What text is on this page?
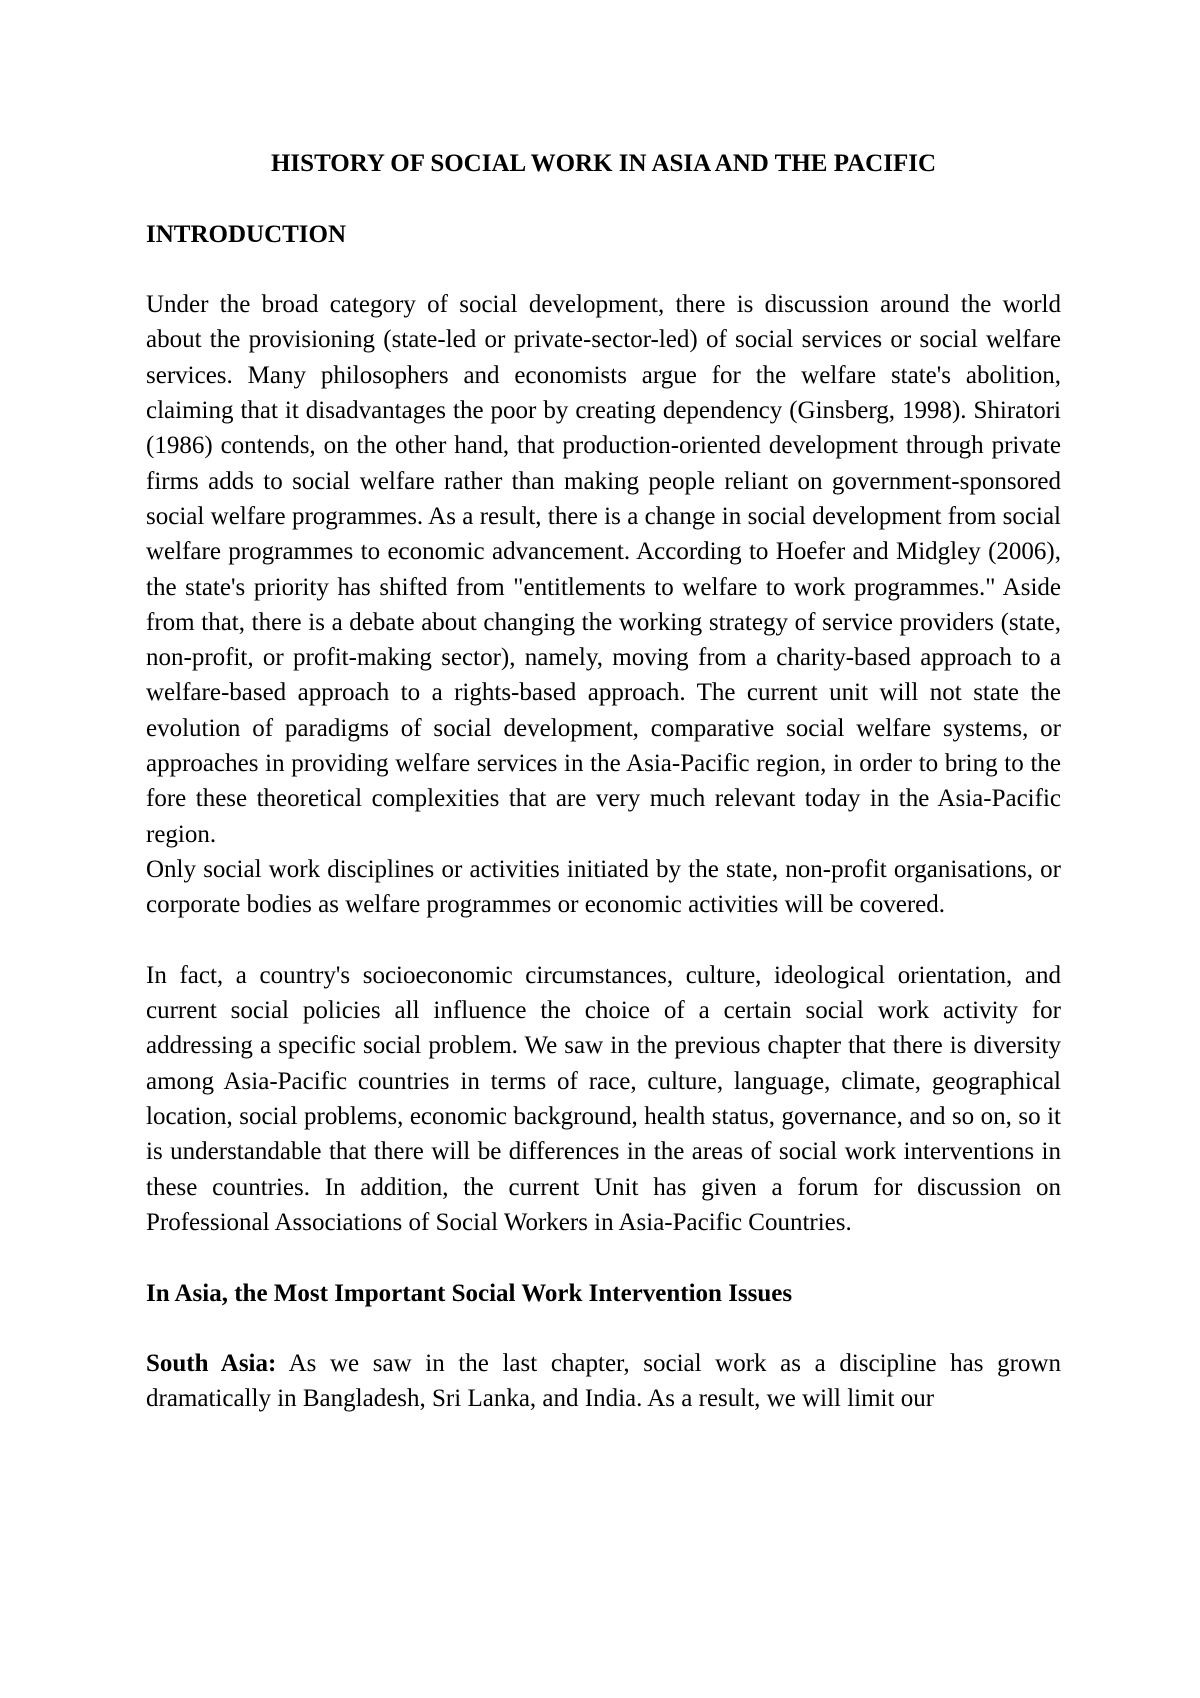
HISTORY OF SOCIAL WORK IN ASIA AND THE PACIFIC
INTRODUCTION

Under the broad category of social development, there is discussion around the world about the provisioning (state-led or private-sector-led) of social services or social welfare services. Many philosophers and economists argue for the welfare state's abolition, claiming that it disadvantages the poor by creating dependency (Ginsberg, 1998). Shiratori (1986) contends, on the other hand, that production-oriented development through private firms adds to social welfare rather than making people reliant on government-sponsored social welfare programmes. As a result, there is a change in social development from social welfare programmes to economic advancement. According to Hoefer and Midgley (2006), the state's priority has shifted from "entitlements to welfare to work programmes." Aside from that, there is a debate about changing the working strategy of service providers (state, non-profit, or profit-making sector), namely, moving from a charity-based approach to a welfare-based approach to a rights-based approach. The current unit will not state the evolution of paradigms of social development, comparative social welfare systems, or approaches in providing welfare services in the Asia-Pacific region, in order to bring to the fore these theoretical complexities that are very much relevant today in the Asia-Pacific region.

Only social work disciplines or activities initiated by the state, non-profit organisations, or corporate bodies as welfare programmes or economic activities will be covered.

In fact, a country's socioeconomic circumstances, culture, ideological orientation, and current social policies all influence the choice of a certain social work activity for addressing a specific social problem. We saw in the previous chapter that there is diversity among Asia-Pacific countries in terms of race, culture, language, climate, geographical location, social problems, economic background, health status, governance, and so on, so it is understandable that there will be differences in the areas of social work interventions in these countries. In addition, the current Unit has given a forum for discussion on Professional Associations of Social Workers in Asia-Pacific Countries.

In Asia, the Most Important Social Work Intervention Issues

South Asia: As we saw in the last chapter, social work as a discipline has grown dramatically in Bangladesh, Sri Lanka, and India. As a result, we will limit our
